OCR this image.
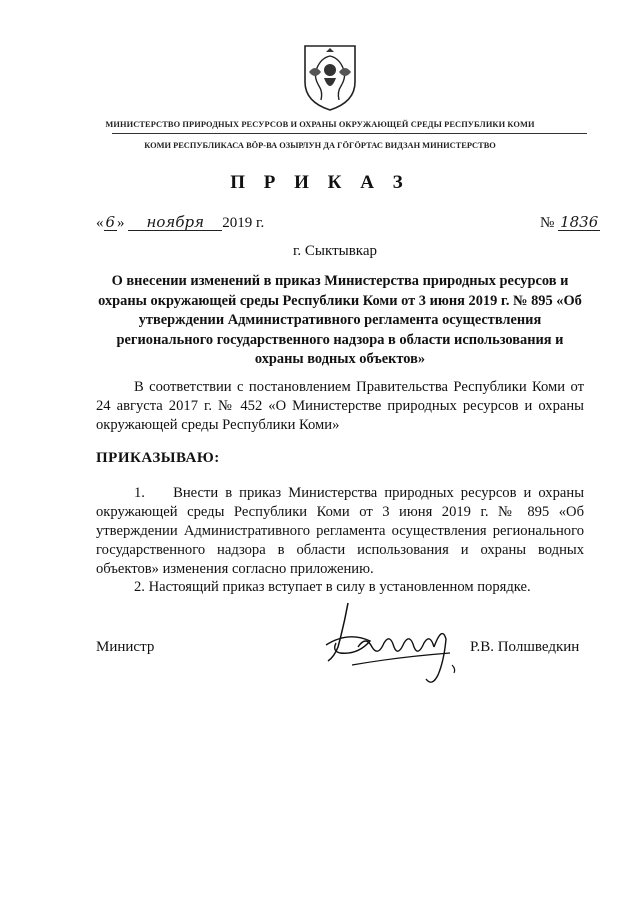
МИНИСТЕРСТВО ПРИРОДНЫХ РЕСУРСОВ И ОХРАНЫ ОКРУЖАЮЩЕЙ СРЕДЫ РЕСПУБЛИКИ КОМИ
КОМИ РЕСПУБЛИКАСА ВӦР-ВА ОЗЫРЛУН ДА ГӦГӦРТАС ВИДЗАН МИНИСТЕРСТВО
П Р И К А З
« 6 » ноября 2019 г.	№ 1836
г. Сыктывкар
О внесении изменений в приказ Министерства природных ресурсов и охраны окружающей среды Республики Коми от 3 июня 2019 г. № 895 «Об утверждении Административного регламента осуществления регионального государственного надзора в области использования и охраны водных объектов»
В соответствии с постановлением Правительства Республики Коми от 24 августа 2017 г. № 452 «О Министерстве природных ресурсов и охраны окружающей среды Республики Коми»
ПРИКАЗЫВАЮ:
1.    Внести в приказ Министерства природных ресурсов и охраны окружающей среды Республики Коми от 3 июня 2019 г. № 895 «Об утверждении Административного регламента осуществления регионального государственного надзора в области использования и охраны водных объектов» изменения согласно приложению.
2. Настоящий приказ вступает в силу в установленном порядке.
Министр	Р.В. Полшведкин
